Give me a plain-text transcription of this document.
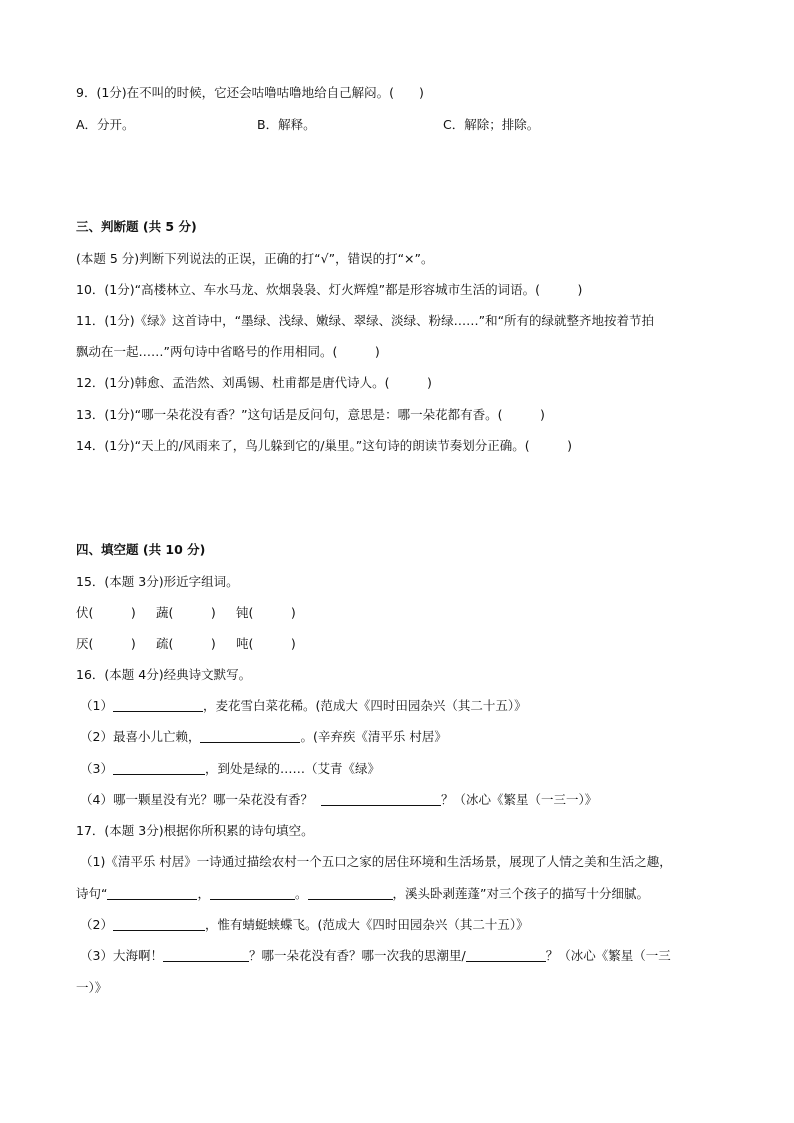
9．(1分)在不叫的时候，它还会咕噜咕噜地给自己解闷。(　　)
A．分开。	B．解释。	C．解除；排除。
三、判断题 (共 5 分)
(本题 5 分)判断下列说法的正误，正确的打“√”，错误的打“×”。
10．(1分)“高楼林立、车水马龙、炊烟袅袅、灯火辉煌”都是形容城市生活的词语。(　　　)
11．(1分)《绿》这首诗中，“墨绿、浅绿、嫩绿、翠绿、淡绿、粉绿……”和“所有的绿就整齐地按着节拍
飘动在一起……”两句诗中省略号的作用相同。(　　　)
12．(1分)韩愈、孟浩然、刘禹锡、杜甫都是唐代诗人。(　　　)
13．(1分)“哪一朵花没有香？”这句话是反问句，意思是：哪一朵花都有香。(　　　)
14．(1分)“天上的/风雨来了，鸟儿躲到它的/巢里。”这句诗的朗读节奏划分正确。(　　　)
四、填空题 (共 10 分)
15．(本题 3分)形近字组词。
伏(　　　) 蔬(　　　) 钝(　　　)
厌(　　　) 疏(　　　) 吨(　　　)
16．(本题 4分)经典诗文默写。
（1）	，麦花雪白菜花稀。(范成大《四时田园杂兴（其二十五）》
（2）最喜小儿亡赖，	。(辛弃疾《清平乐 村居》
（3）	，到处是绿的……（艾青《绿》
（4）哪一颗星没有光？哪一朵花没有香？	？（冰心《繁星（一三一）》
17．(本题 3分)根据你所积累的诗句填空。
（1)《清平乐 村居》一诗通过描绘农村一个五口之家的居住环境和生活场景，展现了人情之美和生活之趣，
诗句“	，	。	，溪头卧剥莲蓬”对三个孩子的描写十分细腻。
（2）	，惟有蜻蜓蛱蝶飞。(范成大《四时田园杂兴（其二十五）》
（3）大海啊！	？哪一朵花没有香？哪一次我的思潮里/	？（冰心《繁星（一三
一）》
